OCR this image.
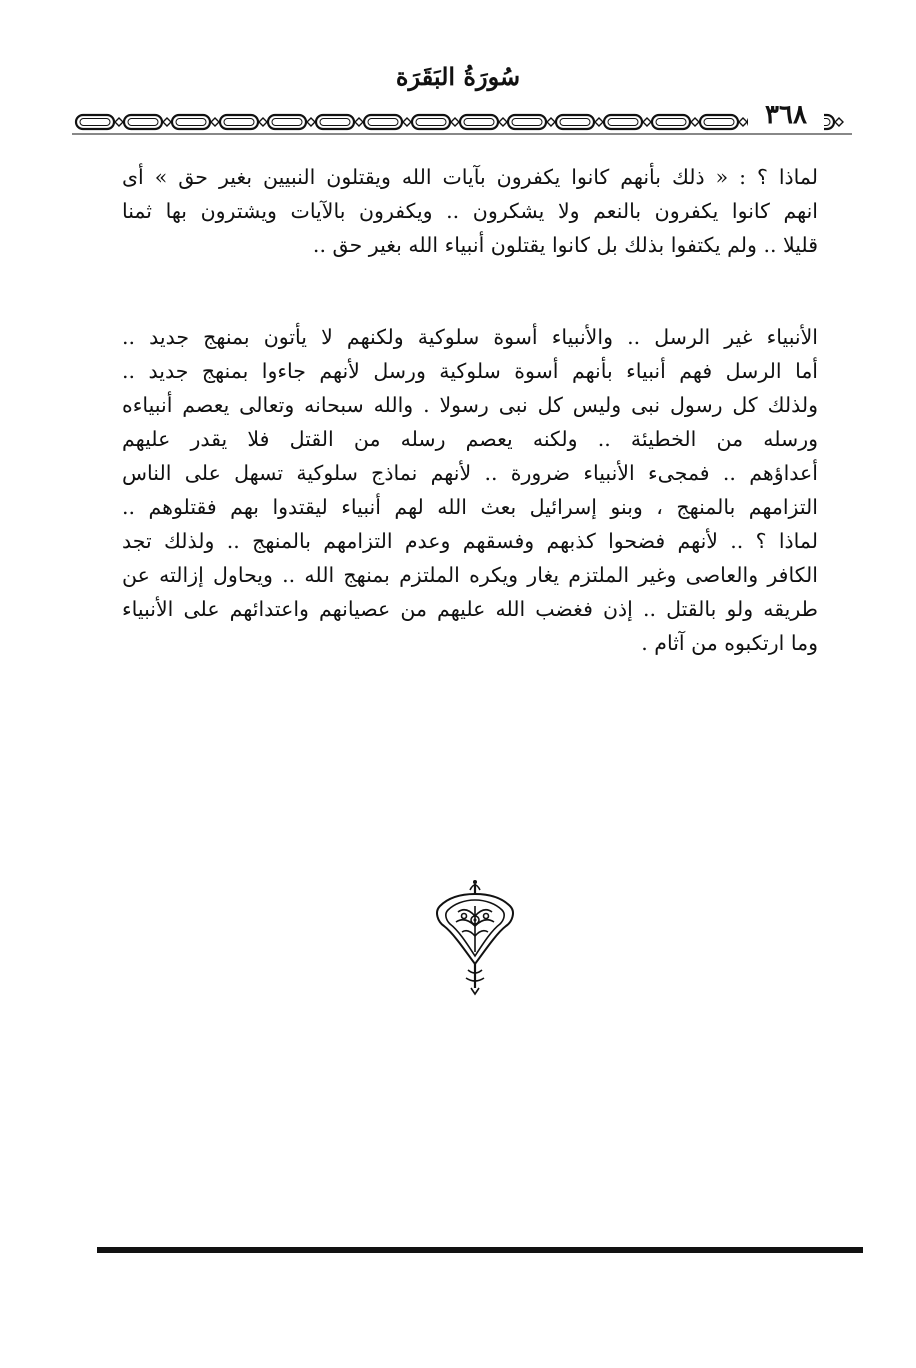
سُورَةُ البَقَرَة
٣٦٨
لماذا ؟ : « ذلك بأنهم كانوا يكفرون بآيات الله ويقتلون النبيين بغير حق » أى
انهم كانوا يكفرون بالنعم ولا يشكرون .. ويكفرون بالآيات ويشترون بها ثمنا
قليلا .. ولم يكتفوا بذلك بل كانوا يقتلون أنبياء الله بغير حق ..
الأنبياء غير الرسل .. والأنبياء أسوة سلوكية ولكنهم لا يأتون بمنهج جديد ..
أما الرسل فهم أنبياء بأنهم أسوة سلوكية ورسل لأنهم جاءوا بمنهج جديد ..
ولذلك كل رسول نبى وليس كل نبى رسولا . والله سبحانه وتعالى يعصم أنبياءه
ورسله من الخطيئة .. ولكنه يعصم رسله من القتل فلا يقدر عليهم
أعداؤهم .. فمجىء الأنبياء ضرورة .. لأنهم نماذج سلوكية تسهل على الناس
التزامهم بالمنهج ، وبنو إسرائيل بعث الله لهم أنبياء ليقتدوا بهم فقتلوهم ..
لماذا ؟ .. لأنهم فضحوا كذبهم وفسقهم وعدم التزامهم بالمنهج .. ولذلك تجد
الكافر والعاصى وغير الملتزم يغار ويكره الملتزم بمنهج الله .. ويحاول إزالته عن
طريقه ولو بالقتل .. إذن فغضب الله عليهم من عصيانهم واعتدائهم على الأنبياء
وما ارتكبوه من آثام .
